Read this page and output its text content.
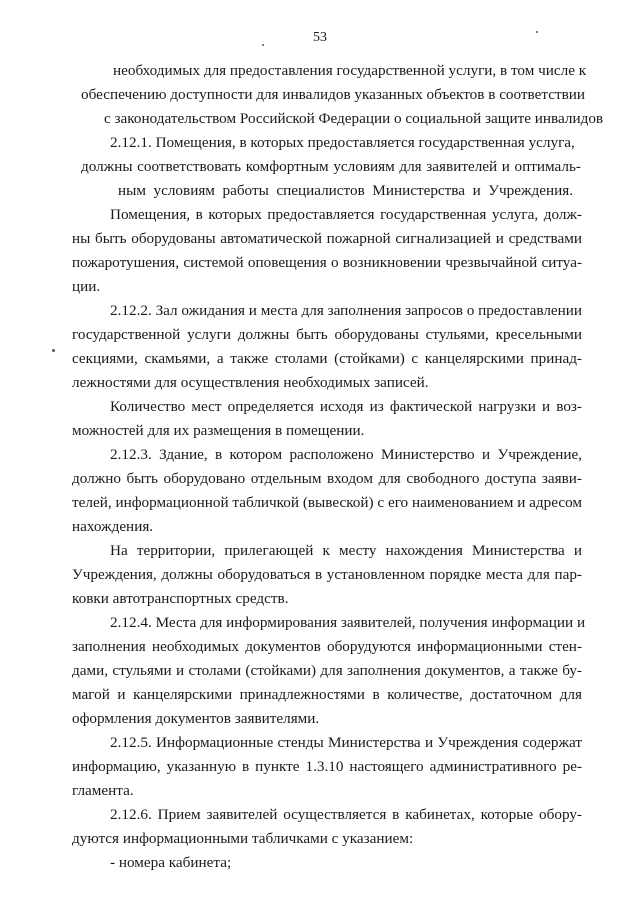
53
необходимых для предоставления государственной услуги, в том числе к
обеспечению доступности для инвалидов указанных объектов в соответствии
с законодательством Российской Федерации о социальной защите инвалидов
2.12.1. Помещения, в которых предоставляется государственная услуга,
должны соответствовать комфортным условиям для заявителей и оптималь-
ным условиям работы специалистов Министерства и Учреждения.
Помещения, в которых предоставляется государственная услуга, долж-
ны быть оборудованы автоматической пожарной сигнализацией и средствами
пожаротушения, системой оповещения о возникновении чрезвычайной ситуа-
ции.
2.12.2. Зал ожидания и места для заполнения запросов о предоставлении
государственной услуги должны быть оборудованы стульями, кресельными
секциями, скамьями, а также столами (стойками) с канцелярскими принад-
лежностями для осуществления необходимых записей.
Количество мест определяется исходя из фактической нагрузки и воз-
можностей для их размещения в помещении.
2.12.3. Здание, в котором расположено Министерство и Учреждение,
должно быть оборудовано отдельным входом для свободного доступа заяви-
телей, информационной табличкой (вывеской) с его наименованием и адресом
нахождения.
На территории, прилегающей к месту нахождения Министерства и
Учреждения, должны оборудоваться в установленном порядке места для пар-
ковки автотранспортных средств.
2.12.4. Места для информирования заявителей, получения информации и
заполнения необходимых документов оборудуются информационными стен-
дами, стульями и столами (стойками) для заполнения документов, а также бу-
магой и канцелярскими принадлежностями в количестве, достаточном для
оформления документов заявителями.
2.12.5. Информационные стенды Министерства и Учреждения содержат
информацию, указанную в пункте 1.3.10 настоящего административного ре-
гламента.
2.12.6. Прием заявителей осуществляется в кабинетах, которые обору-
дуются информационными табличками с указанием:
- номера кабинета;
